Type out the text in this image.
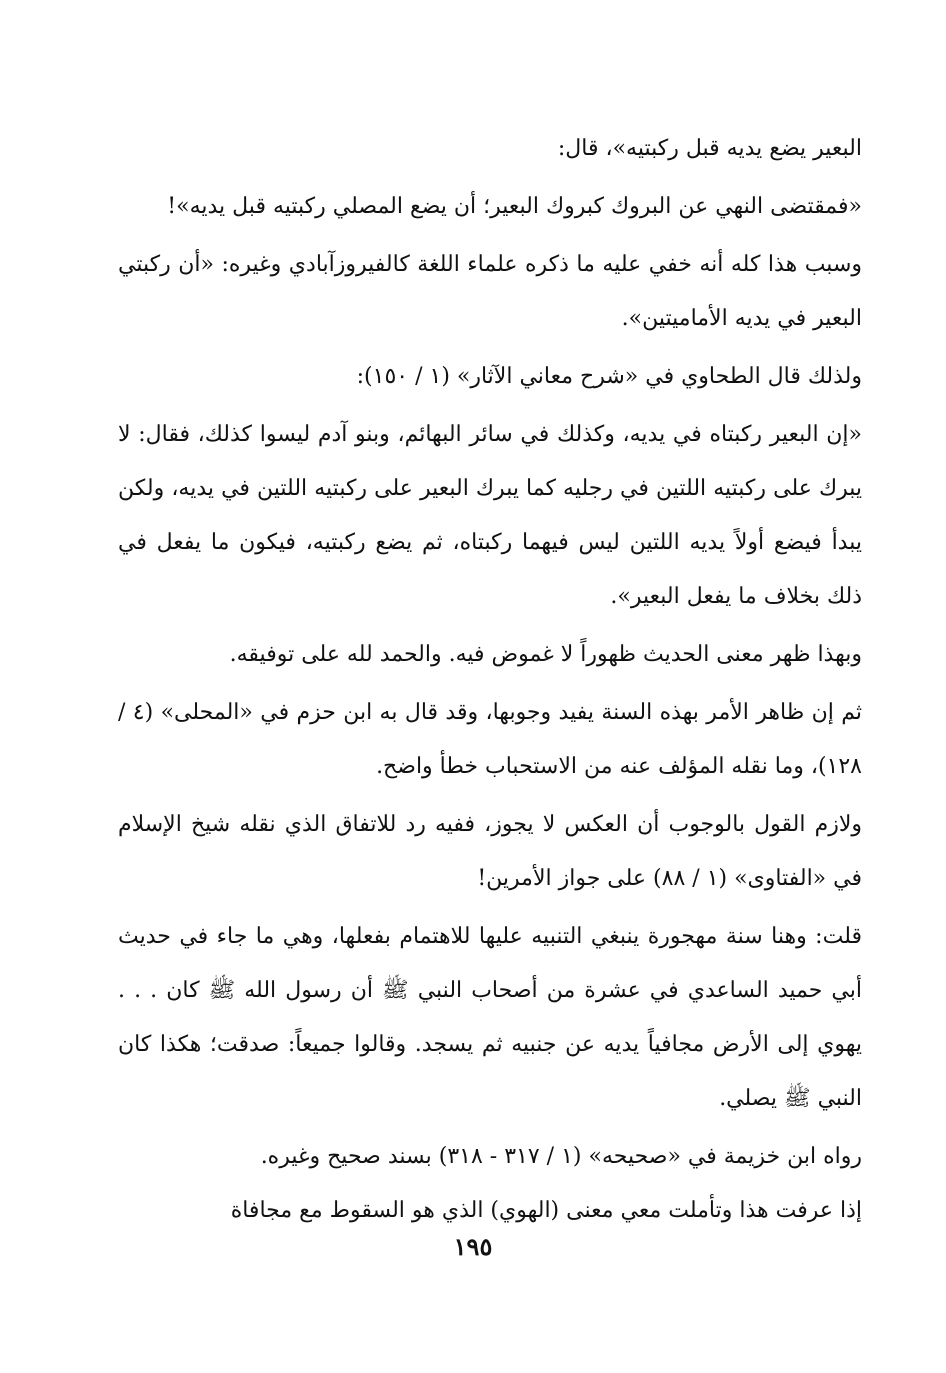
البعير يضع يديه قبل ركبتيه»، قال:

«فمقتضى النهي عن البروك كبروك البعير؛ أن يضع المصلي ركبتيه قبل يديه»!

وسبب هذا كله أنه خفي عليه ما ذكره علماء اللغة كالفيروزآبادي وغيره: «أن ركبتي البعير في يديه الأماميتين».

ولذلك قال الطحاوي في «شرح معاني الآثار» (١ / ١٥٠):

«إن البعير ركبتاه في يديه، وكذلك في سائر البهائم، وبنو آدم ليسوا كذلك، فقال: لا يبرك على ركبتيه اللتين في رجليه كما يبرك البعير على ركبتيه اللتين في يديه، ولكن يبدأ فيضع أولاً يديه اللتين ليس فيهما ركبتاه، ثم يضع ركبتيه، فيكون ما يفعل في ذلك بخلاف ما يفعل البعير».

وبهذا ظهر معنى الحديث ظهوراً لا غموض فيه. والحمد لله على توفيقه.

ثم إن ظاهر الأمر بهذه السنة يفيد وجوبها، وقد قال به ابن حزم في «المحلى» (٤ / ١٢٨)، وما نقله المؤلف عنه من الاستحباب خطأ واضح.

ولازم القول بالوجوب أن العكس لا يجوز، ففيه رد للاتفاق الذي نقله شيخ الإسلام في «الفتاوى» (١ / ٨٨) على جواز الأمرين!

قلت: وهنا سنة مهجورة ينبغي التنبيه عليها للاهتمام بفعلها، وهي ما جاء في حديث أبي حميد الساعدي في عشرة من أصحاب النبي ﷺ أن رسول الله ﷺ كان . . . يهوي إلى الأرض مجافياً يديه عن جنبيه ثم يسجد. وقالوا جميعاً: صدقت؛ هكذا كان النبي ﷺ يصلي.

رواه ابن خزيمة في «صحيحه» (١ / ٣١٧ - ٣١٨) بسند صحيح وغيره.

إذا عرفت هذا وتأملت معي معنى (الهوي) الذي هو السقوط مع مجافاة

١٩٥
